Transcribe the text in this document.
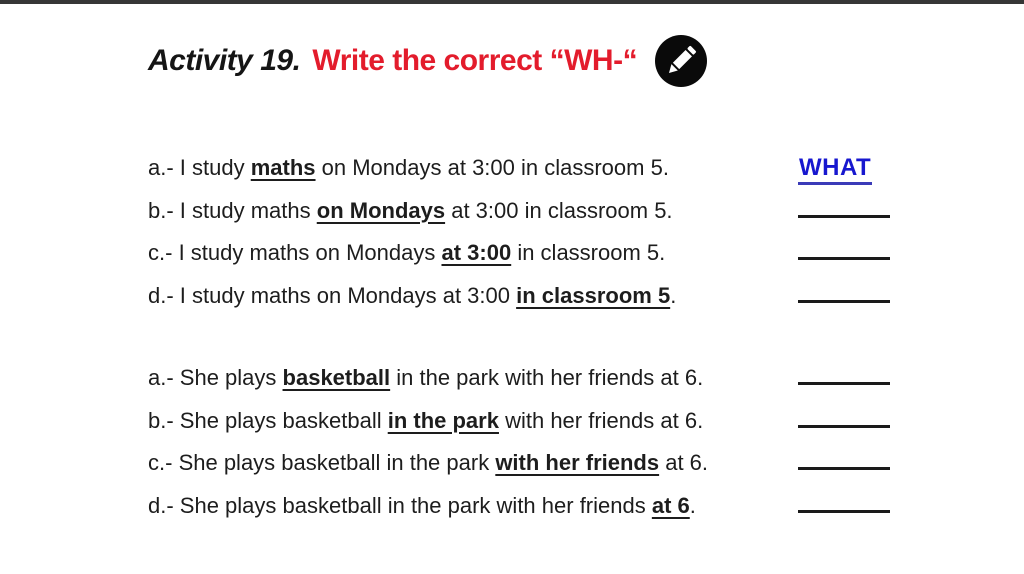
Activity 19. Write the correct “WH-“

a.- I study maths on Mondays at 3:00 in classroom 5.	WHAT

b.- I study maths on Mondays at 3:00 in classroom 5.

c.- I study maths on Mondays at 3:00 in classroom 5.

d.- I study maths on Mondays at 3:00 in classroom 5.

a.- She plays basketball in the park with her friends at 6.

b.- She plays basketball in the park with her friends at 6.

c.- She plays basketball in the park with her friends at 6.

d.- She plays basketball in the park with her friends at 6.
